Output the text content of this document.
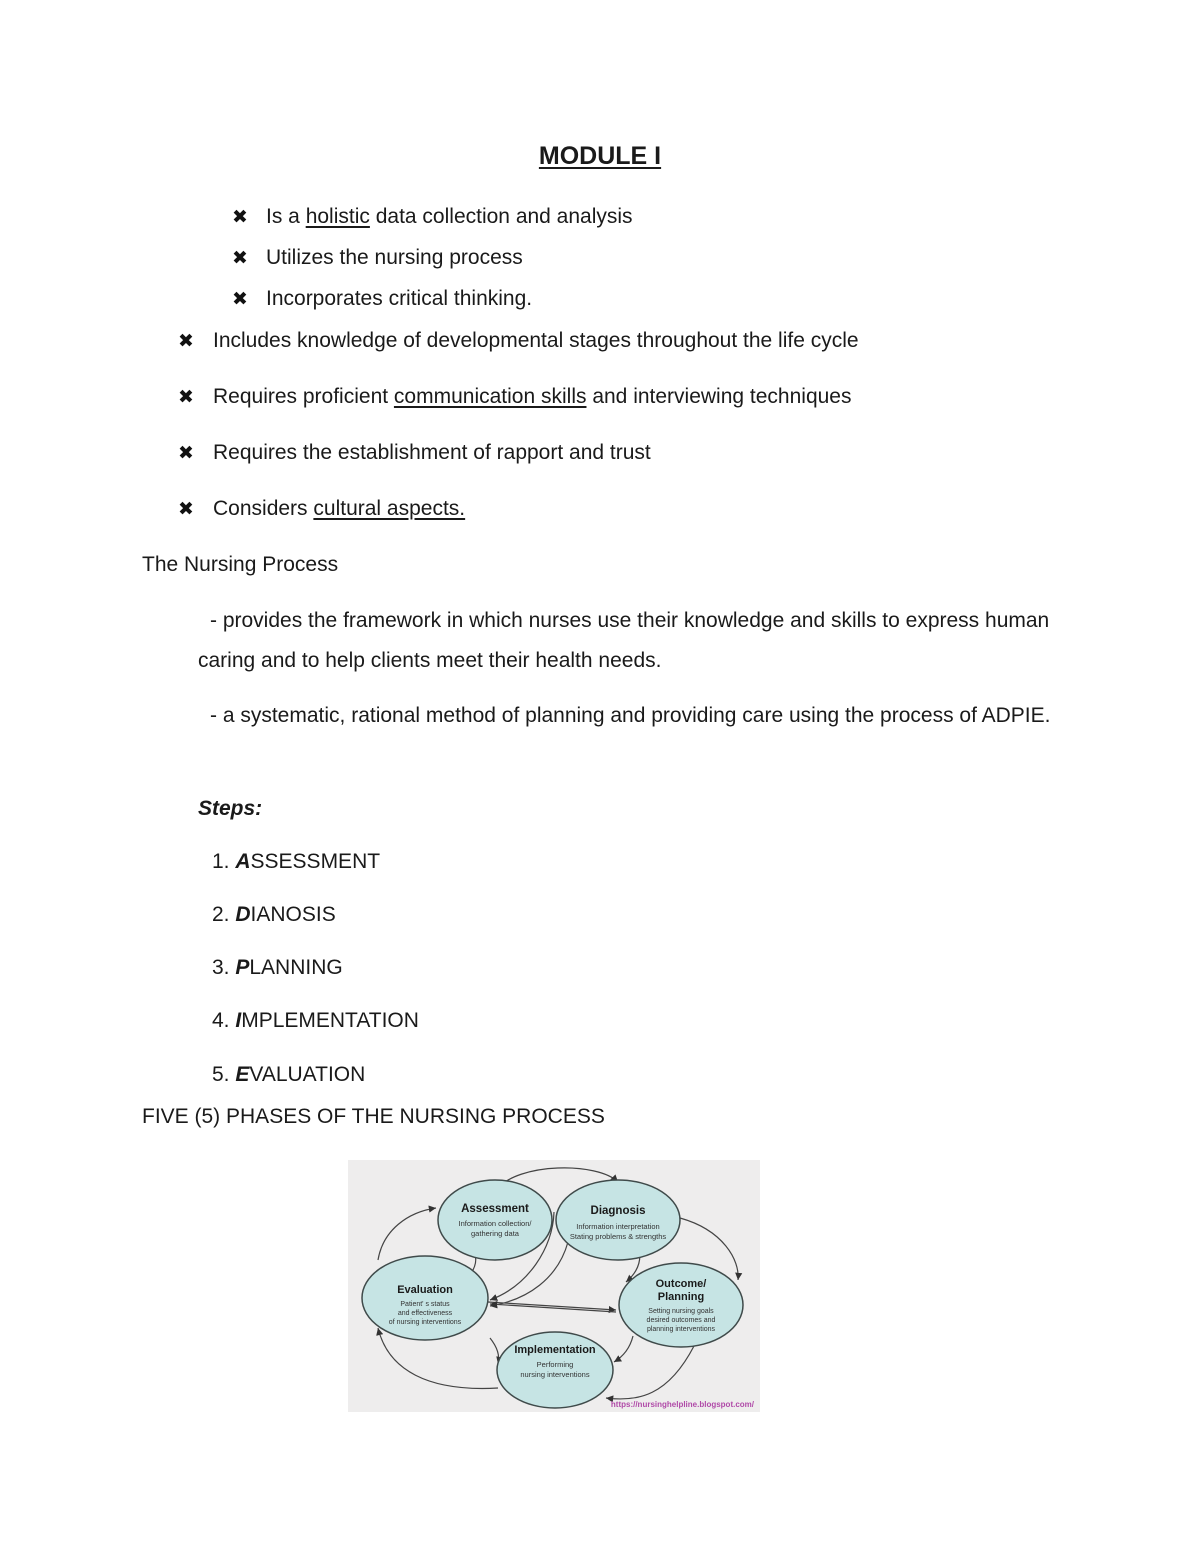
MODULE I
✖ Is a holistic data collection and analysis
✖ Utilizes the nursing process
✖ Incorporates critical thinking.
✖ Includes knowledge of developmental stages throughout the life cycle
✖ Requires proficient communication skills and interviewing techniques
✖ Requires the establishment of rapport and trust
✖ Considers cultural aspects.
The Nursing Process
- provides the framework in which nurses use their knowledge and skills to express human caring and to help clients meet their health needs.
- a systematic, rational method of planning and providing care using the process of ADPIE.
Steps:
1. ASSESSMENT
2. DIANOSIS
3. PLANNING
4. IMPLEMENTATION
5. EVALUATION
FIVE (5) PHASES OF THE NURSING PROCESS
Assessment
Information collection/
gathering data
Diagnosis
Information interpretation
Stating problems & strengths
Outcome/
Planning
Setting nursing goals
desired outcomes and
planning interventions
Implementation
Performing
nursing interventions
Evaluation
Patient' s status
and effectiveness
of nursing interventions
https://nursinghelpline.blogspot.com/
